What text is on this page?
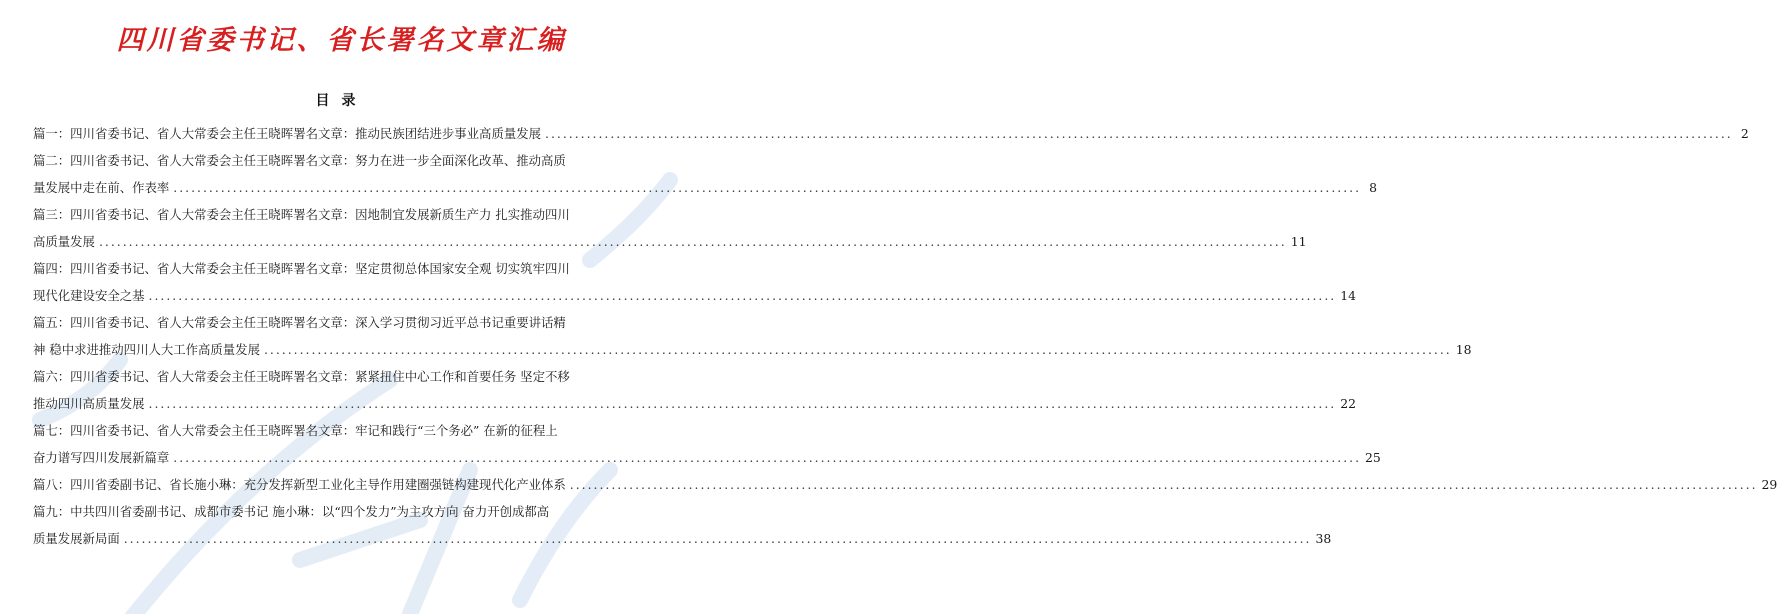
四川省委书记、省长署名文章汇编
目录
篇一：四川省委书记、省人大常委会主任王晓晖署名文章：推动民族团结进步事业高质量发展 ........................................................................................................................................................................................................ 2
篇二：四川省委书记、省人大常委会主任王晓晖署名文章：努力在进一步全面深化改革、推动高质
量发展中走在前、作表率 ........................................................................................................................................................................................................ 8
篇三：四川省委书记、省人大常委会主任王晓晖署名文章：因地制宜发展新质生产力 扎实推动四川
高质量发展 ........................................................................................................................................................................................................ 11
篇四：四川省委书记、省人大常委会主任王晓晖署名文章：坚定贯彻总体国家安全观 切实筑牢四川
现代化建设安全之基 ........................................................................................................................................................................................................ 14
篇五：四川省委书记、省人大常委会主任王晓晖署名文章：深入学习贯彻习近平总书记重要讲话精
神 稳中求进推动四川人大工作高质量发展 ........................................................................................................................................................................................................ 18
篇六：四川省委书记、省人大常委会主任王晓晖署名文章：紧紧扭住中心工作和首要任务 坚定不移
推动四川高质量发展 ........................................................................................................................................................................................................ 22
篇七：四川省委书记、省人大常委会主任王晓晖署名文章：牢记和践行“三个务必” 在新的征程上
奋力谱写四川发展新篇章 ........................................................................................................................................................................................................ 25
篇八：四川省委副书记、省长施小琳：充分发挥新型工业化主导作用建圈强链构建现代化产业体系 ........................................................................................................................................................................................................ 29
篇九：中共四川省委副书记、成都市委书记 施小琳：以“四个发力”为主攻方向 奋力开创成都高
质量发展新局面 ........................................................................................................................................................................................................ 38
